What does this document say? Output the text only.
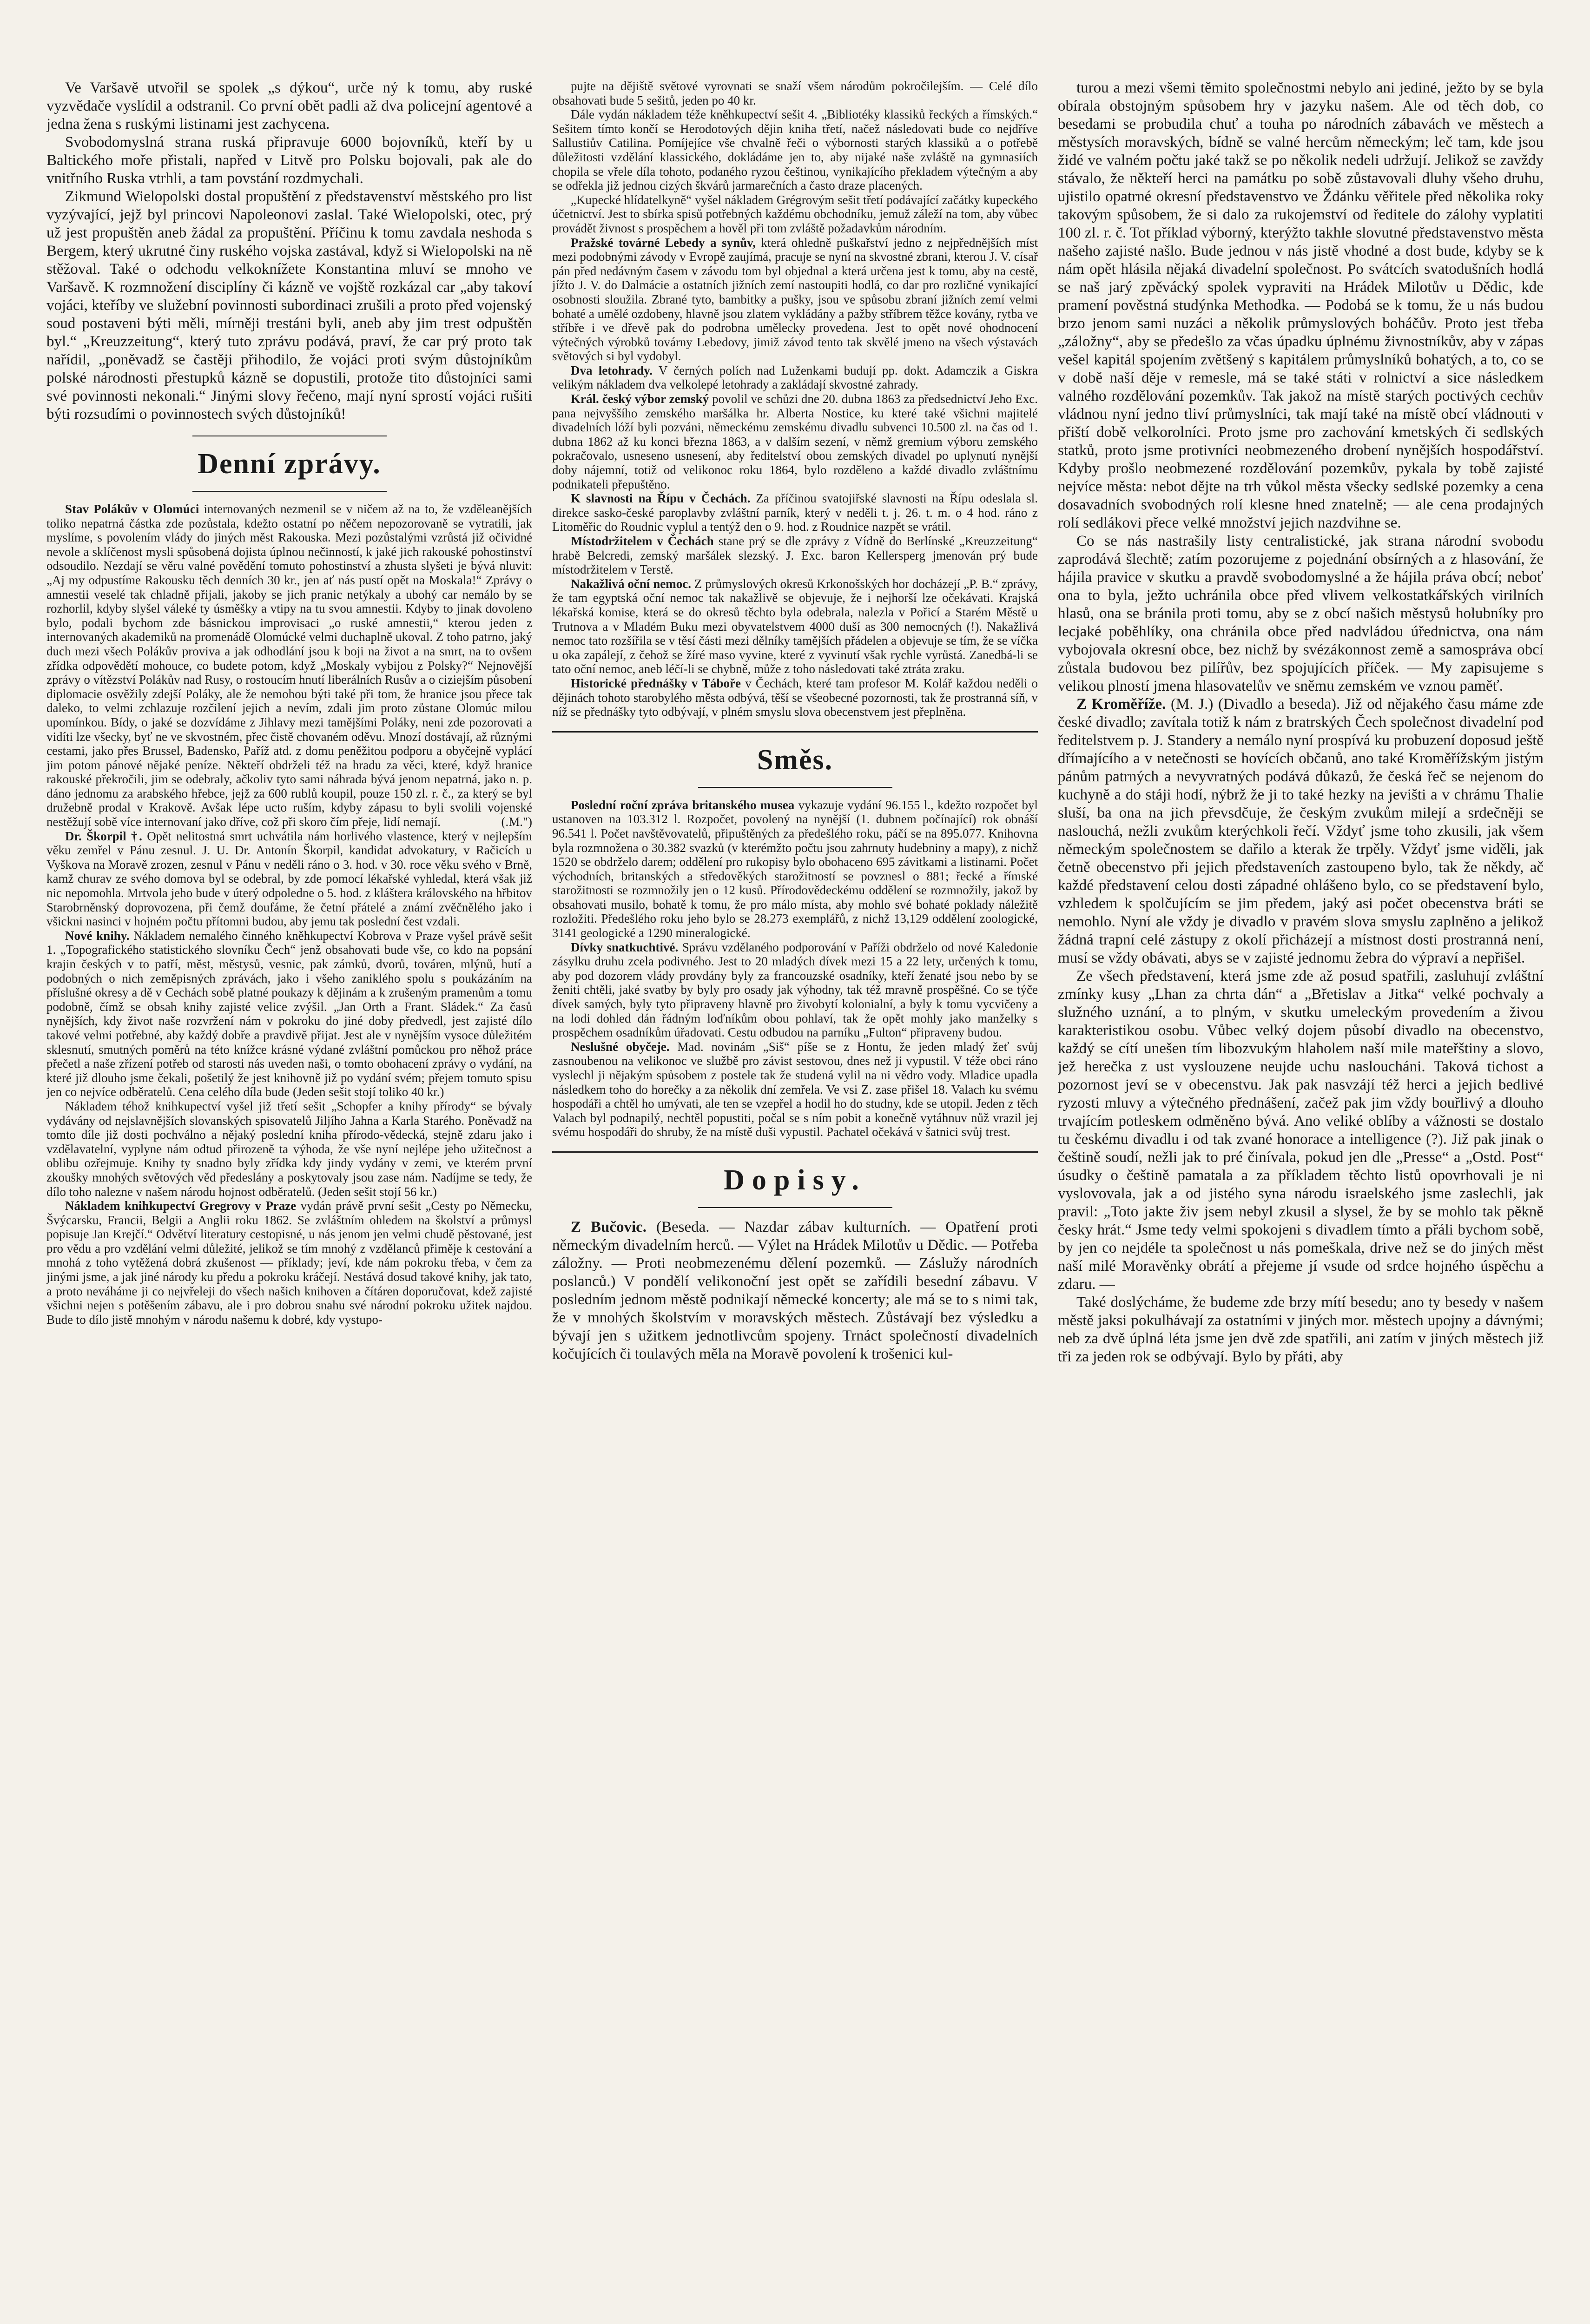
Ve Varšavě utvořil se spolek „s dýkou“, urče ný k tomu, aby ruské vyzvědače vyslídil a odstranil. Co první obět padli až dva policejní agentové a jedna žena s ruskými listinami jest zachycena.

Svobodomyslná strana ruská připravuje 6000 bojovníků, kteří by u Baltického moře přistali, napřed v Litvě pro Polsku bojovali, pak ale do vnitřního Ruska vtrhli, a tam povstání rozdmychali.

Zikmund Wielopolski dostal propuštění z představenství městského pro list vyzývající, jejž byl princovi Napoleonovi zaslal. Také Wielopolski, otec, prý už jest propuštěn aneb žádal za propuštění. Příčinu k tomu zavdala neshoda s Bergem, který ukrutné činy ruského vojska zastával, když si Wielopolski na ně stěžoval. Také o odchodu velkoknížete Konstantina mluví se mnoho ve Varšavě. K rozmnožení disciplíny či kázně ve vojště rozkázal car „aby takoví vojáci, kteříby ve služební povinnosti subordinaci zrušili a proto před vojenský soud postaveni býti měli, mírněji trestáni byli, aneb aby jim trest odpuštěn byl.“ „Kreuzzeitung“, který tuto zprávu podává, praví, že car prý proto tak nařídil, „poněvadž se častěji přihodilo, že vojáci proti svým důstojníkům polské národnosti přestupků kázně se dopustili, protože tito důstojníci sami své povinnosti nekonali.“ Jinými slovy řečeno, mají nyní sprostí vojáci rušiti býti rozsudími o povinnostech svých důstojníků!

Denní zprávy.

Stav Polákův v Olomúci internovaných nezmenil se v ničem až na to, že vzděleanějších toliko nepatrná částka zde pozůstala, kdežto ostatní po něčem nepozorovaně se vytratili, jak myslíme, s povolením vlády do jiných měst Rakouska. Mezi pozůstalými vzrůstá již očividné nevole a sklíčenost mysli spůsobená dojista úplnou nečinností, k jaké jich rakouské pohostinství odsoudilo. Nezdají se věru valné povědění tomuto pohostinství a zhusta slyšeti je bývá nluvit: „Aj my odpustíme Rakousku těch denních 30 kr., jen ať nás pustí opět na Moskala!“ Zprávy o amnestii veselé tak chladně přijali, jakoby se jich pranic netýkaly a ubohý car nemálo by se rozhorlil, kdyby slyšel váleké ty úsměšky a vtipy na tu svou amnestii. Kdyby to jinak dovoleno bylo, podali bychom zde básnickou improvisaci „o ruské amnestii,“ kterou jeden z internovaných akademiků na promenádě Olomúcké velmi duchaplně ukoval. Z toho patrno, jaký duch mezi všech Polákův proviva a jak odhodlání jsou k boji na život a na smrt, na to ovšem zřídka odpovědětí mohouce, co budete potom, když „Moskaly vybijou z Polsky?“ Nejnovější zprávy o vítězství Polákův nad Rusy, o rostoucím hnutí liberálních Rusův a o ciziejším působení diplomacie osvěžily zdejší Poláky, ale že nemohou býti také při tom, že hranice jsou přece tak daleko, to velmi zchlazuje rozčilení jejich a nevím, zdali jim proto zůstane Olomúc milou upomínkou. Bídy, o jaké se dozvídáme z Jihlavy mezi tamějšími Poláky, neni zde pozorovati a vidíti lze všecky, byť ne ve skvostném, přec čistě chovaném oděvu. Mnozí dostávají, až různými cestami, jako přes Brussel, Badensko, Paříž atd. z domu peněžitou podporu a obyčejně vyplácí jim potom pánové nějaké peníze. Někteří obdrželi též na hradu za věci, které, když hranice rakouské překročili, jim se odebraly, ačkoliv tyto sami náhrada bývá jenom nepatrná, jako n. p. dáno jednomu za arabského hřebce, jejž za 600 rublů koupil, pouze 150 zl. r. č., za který se byl družebně prodal v Krakově. Avšak lépe ucto ruším, kdyby zápasu to byli svolili vojenské nestěžují sobě více internovaní jako dříve, což při skoro čím přeje, lidí nemají.	(.M.")

Dr. Škorpil †. Opět nelitostná smrt uchvátila nám horlivého vlastence, který v nejlepším věku zemřel v Pánu zesnul. J. U. Dr. Antonín Škorpil, kandidat advokatury, v Račicích u Vyškova na Moravě zrozen, zesnul v Pánu v neděli ráno o 3. hod. v 30. roce věku svého v Brně, kamž churav ze svého domova byl se odebral, by zde pomocí lékařské vyhledal, která však již nic nepomohla. Mrtvola jeho bude v úterý odpoledne o 5. hod. z kláštera královského na hřbitov Starobrněnský doprovozena, při čemž doufáme, že četní přátelé a známí zvěčnělého jako i všickni nasinci v hojném počtu přítomni budou, aby jemu tak poslední čest vzdali.

Nové knihy. Nákladem nemalého činného kněhkupectví Kobrova v Praze vyšel právě sešit 1. „Topografického statistického slovníku Čech“ jenž obsahovati bude vše, co kdo na popsání krajin českých v to patří, měst, městysů, vesnic, pak zámků, dvorů, továren, mlýnů, hutí a podobných o nich zeměpisných zprávách, jako i všeho zaniklého spolu s poukázáním na příslušné okresy a dě v Cechách sobě platné poukazy k dějinám a k zrušeným pramenům a tomu podobně, čímž se obsah knihy zajisté velice zvýšil. „Jan Orth a Frant. Sládek.“ Za časů nynějších, kdy život naše rozvržení nám v pokroku do jiné doby předvedl, jest zajisté dílo takové velmi potřebné, aby každý dobře a pravdivě přijat. Jest ale v nynějším vysoce důležitém sklesnutí, smutných poměrů na této knížce krásné výdané zvláštní pomůckou pro něhož práce přečetl a naše zřízení potřeb od starosti nás uveden naši, o tomto obohacení zprávy o vydání, na které již dlouho jsme čekali, pošetilý že jest knihovně již po vydání svém; přejem tomuto spisu jen co nejvíce odběratelů. Cena celého díla bude (Jeden sešit stojí toliko 40 kr.)

Nákladem téhož knihkupectví vyšel již třetí sešit „Schopfer a knihy přírody“ se bývaly vydávány od nejslavnějších slovanských spisovatelů Jiljího Jahna a Karla Starého. Poněvadž na tomto díle již dosti pochválno a nějaký poslední kniha přírodo-vědecká, stejně zdaru jako i vzdělavatelní, vyplyne nám odtud přirozeně ta výhoda, že vše nyní nejlépe jeho užitečnost a oblibu ozřejmuje. Knihy ty snadno byly zřídka kdy jindy vydány v zemi, ve kterém první zkoušky mnohých světových věd předeslány a poskytovaly jsou zase nám. Nadíjme se tedy, že dílo toho nalezne v našem národu hojnost odběratelů. (Jeden sešit stojí 56 kr.)

Nákladem knihkupectví Gregrovy v Praze vydán právě první sešit „Cesty po Německu, Švýcarsku, Francii, Belgii a Anglii roku 1862. Se zvláštním ohledem na školství a průmysl popisuje Jan Krejčí.“ Odvětví literatury cestopisné, u nás jenom jen velmi chudě pěstované, jest pro vědu a pro vzdělání velmi důležité, jelikož se tím mnohý z vzdělanců přiměje k cestování a mnohá z toho vytěžená dobrá zkušenost — příklady; jeví, kde nám pokroku třeba, v čem za jinými jsme, a jak jiné národy ku předu a pokroku kráčejí. Nestává dosud takové knihy, jak tato, a proto neváháme ji co nejvřeleji do všech našich knihoven a čítáren doporučovat, kdež zajisté všichni nejen s potěšením zábavu, ale i pro dobrou snahu své národní pokroku užitek najdou. Bude to dílo jistě mnohým v národu našemu k dobré, kdy vystupo-

pujte na dějiště světové vyrovnati se snaží všem národům pokročilejším. — Celé dílo obsahovati bude 5 sešitů, jeden po 40 kr.

Dále vydán nákladem téže kněhkupectví sešit 4. „Bibliotéky klassiků řeckých a římských.“ Sešitem tímto končí se Herodotových dějin kniha třetí, načež následovati bude co nejdříve Sallustiův Catilina. Pomíjejíce vše chvalně řeči o výbornosti starých klassiků a o potřebě důležitosti vzdělání klassického, dokládáme jen to, aby nijaké naše zvláště na gymnasiích chopila se vřele díla tohoto, podaného ryzou češtinou, vynikajícího překladem výtečným a aby se odřekla již jednou cizých škvárů jarmarečních a často draze placených.

„Kupecké hlídatelkyně“ vyšel nákladem Grégrovým sešit třetí podávající začátky kupeckého účetnictví. Jest to sbírka spisů potřebných každému obchodníku, jemuž záleží na tom, aby vůbec provádět živnost s prospěchem a hověl při tom zvláště požadavkům národním.

Pražské továrné Lebedy a synův, která ohledně puškařství jedno z nejpřednějších míst mezi podobnými závody v Evropě zaujímá, pracuje se nyní na skvostné zbrani, kterou J. V. císař pán před nedávným časem v závodu tom byl objednal a která určena jest k tomu, aby na cestě, jížto J. V. do Dalmácie a ostatních jižních zemí nastoupiti hodlá, co dar pro rozličné vynikající osobnosti sloužila. Zbrané tyto, bambitky a pušky, jsou ve spůsobu zbraní jižních zemí velmi bohaté a umělé ozdobeny, hlavně jsou zlatem vykládány a pažby stříbrem těžce kovány, rytba ve stříbře i ve dřevě pak do podrobna umělecky provedena. Jest to opět nové ohodnocení výtečných výrobků továrny Lebedovy, jimiž závod tento tak skvělé jmeno na všech výstavách světových si byl vydobyl.

Dva letohrady. V černých polích nad Luženkami budují pp. dokt. Adamczik a Giskra velikým nákladem dva velkolepé letohrady a zakládají skvostné zahrady.

Král. český výbor zemský povolil ve schůzi dne 20. dubna 1863 za předsednictví Jeho Exc. pana nejvyššího zemského maršálka hr. Alberta Nostice, ku které také všichni majitelé divadelních lóží byli pozváni, německému zemskému divadlu subvenci 10.500 zl. na čas od 1. dubna 1862 až ku konci března 1863, a v dalším sezení, v němž gremium výboru zemského pokračovalo, usneseno usnesení, aby ředitelství obou zemských divadel po uplynutí nynější doby nájemní, totiž od velikonoc roku 1864, bylo rozděleno a každé divadlo zvláštnímu podnikateli přepuštěno.

K slavnosti na Řípu v Čechách. Za příčinou svatojiřské slavnosti na Řípu odeslala sl. direkce sasko-české paroplavby zvláštní parník, který v neděli t. j. 26. t. m. o 4 hod. ráno z Litoměřic do Roudnic vyplul a tentýž den o 9. hod. z Roudnice nazpět se vrátil.

Místodržitelem v Čechách stane prý se dle zprávy z Vídně do Berlínské „Kreuzzeitung“ hrabě Belcredi, zemský maršálek slezský. J. Exc. baron Kellersperg jmenován prý bude místodržitelem v Terstě.

Nakažlivá oční nemoc. Z průmyslových okresů Krkonošských hor docházejí „P. B.“ zprávy, že tam egyptská oční nemoc tak nakažlivě se objevuje, že i nejhorší lze očekávati. Krajská lékařská komise, která se do okresů těchto byla odebrala, nalezla v Pořicí a Starém Městě u Trutnova a v Mladém Buku mezi obyvatelstvem 4000 duší as 300 nemocných (!). Nakažlivá nemoc tato rozšířila se v těsí části mezi dělníky tamějších přádelen a objevuje se tím, že se víčka u oka zapálejí, z čehož se žíré maso vyvine, které z vyvinutí však rychle vyrůstá. Zanedbá-li se tato oční nemoc, aneb léčí-li se chybně, může z toho následovati také ztráta zraku.

Historické přednášky v Táboře v Čechách, které tam profesor M. Kolář každou neděli o dějinách tohoto starobylého města odbývá, těší se všeobecné pozornosti, tak že prostranná síň, v níž se přednášky tyto odbývají, v plném smyslu slova obecenstvem jest přeplněna.

Směs.

Poslední roční zpráva britanského musea vykazuje vydání 96.155 l., kdežto rozpočet byl ustanoven na 103.312 l. Rozpočet, povolený na nynější (1. dubnem počínající) rok obnáší 96.541 l. Počet navštěvovatelů, připuštěných za předešlého roku, páčí se na 895.077. Knihovna byla rozmnožena o 30.382 svazků (v kterémžto počtu jsou zahrnuty hudebniny a mapy), z nichž 1520 se obdrželo darem; oddělení pro rukopisy bylo obohaceno 695 závitkami a listinami. Počet východních, britanských a středověkých starožitností se povznesl o 881; řecké a římské starožitnosti se rozmnožily jen o 12 kusů. Přírodovědeckému oddělení se rozmnožily, jakož by obsahovati musilo, bohatě k tomu, že pro málo místa, aby mohlo své bohaté poklady náležitě rozložiti. Předešlého roku jeho bylo se 28.273 exemplářů, z nichž 13,129 oddělení zoologické, 3141 geologické a 1290 mineralogické.

Dívky snatkuchtivé. Správu vzdělaného podporování v Paříži obdrželo od nové Kaledonie zásylku druhu zcela podivného. Jest to 20 mladých dívek mezi 15 a 22 lety, určených k tomu, aby pod dozorem vlády provdány byly za francouzské osadníky, kteří ženaté jsou nebo by se ženiti chtěli, jaké svatby by byly pro osady jak výhodny, tak též mravně prospěšné. Co se týče dívek samých, byly tyto připraveny hlavně pro živobytí kolonialní, a byly k tomu vycvičeny a na lodi dohled dán řádným loďníkům obou pohlaví, tak že opět mohly jako manželky s prospěchem osadníkům úřadovati. Cestu odbudou na parníku „Fulton“ připraveny budou.

Neslušné obyčeje. Mad. novinám „Siš“ píše se z Hontu, že jeden mladý žeť svůj zasnoubenou na velikonoc ve službě pro závist sestovou, dnes než ji vypustil. V téže obci ráno vyslechl ji nějakým spůsobem z postele tak že studená vylil na ni vědro vody. Mladice upadla následkem toho do horečky a za několik dní zemřela. Ve vsi Z. zase přišel 18. Valach ku svému hospodáři a chtěl ho umývati, ale ten se vzepřel a hodil ho do studny, kde se utopil. Jeden z těch Valach byl podnapilý, nechtěl popustiti, počal se s ním pobit a konečně vytáhnuv nůž vrazil jej svému hospodáři do shruby, že na místě duši vypustil. Pachatel očekává v šatnici svůj trest.

Dopisy.

Z Bučovic. (Beseda. — Nazdar zábav kulturních. — Opatření proti německým divadelním herců. — Výlet na Hrádek Milotův u Dědic. — Potřeba záložny. — Proti neobmezenému dělení pozemků. — Záslužy národních poslanců.) V pondělí velikonoční jest opět se zařídili besední zábavu. V posledním jednom městě podnikají německé koncerty; ale má se to s nimi tak, že v mnohých školstvím v moravských městech. Zůstávají bez výsledku a bývají jen s užitkem jednotlivcům spojeny. Trnáct společností divadelních kočujících či toulavých měla na Moravě povolení k trošenici kul-

turou a mezi všemi těmito společnostmi nebylo ani jediné, ježto by se byla obírala obstojným spůsobem hry v jazyku našem. Ale od těch dob, co besedami se probudila chuť a touha po národních zábavách ve městech a městysích moravských, bídně se valné hercům německým; leč tam, kde jsou židé ve valném počtu jaké takž se po několik nedeli udržují. Jelikož se zavždy stávalo, že někteří herci na památku po sobě zůstavovali dluhy všeho druhu, ujistilo opatrné okresní představenstvo ve Ždánku věřitele před několika roky takovým spůsobem, že si dalo za rukojemství od ředitele do zálohy vyplatiti 100 zl. r. č. Tot příklad výborný, kterýžto takhle slovutné představenstvo města našeho zajisté našlo. Bude jednou v nás jistě vhodné a dost bude, kdyby se k nám opět hlásila nějaká divadelní společnost. Po svátcích svatodušních hodlá se naš jarý zpěvácký spolek vypraviti na Hrádek Milotův u Dědic, kde pramení pověstná studýnka Methodka. — Podobá se k tomu, že u nás budou brzo jenom sami nuzáci a několik průmyslových boháčův. Proto jest třeba „záložny“, aby se předešlo za včas úpadku úplnému živnostníkův, aby v zápas vešel kapitál spojením zvětšený s kapitálem průmyslníků bohatých, a to, co se v době naší děje v remesle, má se také státi v rolnictví a sice následkem valného rozdělování pozemkův. Tak jakož na místě starých poctivých cechův vládnou nyní jedno tliví průmyslníci, tak mají také na místě obcí vládnouti v přiští době velkorolníci. Proto jsme pro zachování kmetských či sedlských statků, proto jsme protivníci neobmezeného drobení nynějších hospodářství. Kdyby prošlo neobmezené rozdělování pozemkův, pykala by tobě zajisté nejvíce města: nebot dějte na trh vůkol města všecky sedlské pozemky a cena dosavadních svobodných rolí klesne hned znatelně; — ale cena prodajných rolí sedlákovi přece velké množství jejich nazdvihne se.

Co se nás nastrašily listy centralistické, jak strana národní svobodu zaprodává šlechtě; zatím pozorujeme z pojednání obsírných a z hlasování, že hájila pravice v skutku a pravdě svobodomyslné a že hájila práva obcí; neboť ona to byla, ježto uchránila obce před vlivem velkostatkářských virilních hlasů, ona se bránila proti tomu, aby se z obcí našich městysů holubníky pro lecjaké poběhlíky, ona chránila obce před nadvládou úřednictva, ona nám vybojovala okresní obce, bez nichž by svézákonnost země a samospráva obcí zůstala budovou bez pilířův, bez spojujících příček. — My zapisujeme s velikou plností jmena hlasovatelův ve sněmu zemském ve vznou paměť.

Z Kroměříže. (M. J.) (Divadlo a beseda). Již od nějakého času máme zde české divadlo; zavítala totiž k nám z bratrských Čech společnost divadelní pod ředitelstvem p. J. Standery a nemálo nyní prospívá ku probuzení doposud ještě dřímajícího a v netečnosti se hovících občanů, ano také Kroměřížským jistým pánům patrných a nevyvratných podává důkazů, že česká řeč se nejenom do kuchyně a do stáji hodí, nýbrž že ji to také hezky na jevišti a v chrámu Thalie sluší, ba ona na jich převsdčuje, že českým zvukům milejí a srdečněji se naslouchá, nežli zvukům kterýchkoli řečí. Vždyť jsme toho zkusili, jak všem německým společnostem se dařilo a kterak že trpěly. Vždyť jsme viděli, jak četně obecenstvo při jejich představeních zastoupeno bylo, tak že někdy, ač každé představení celou dosti západné ohlášeno bylo, co se představení bylo, vzhledem k spolčujícím se jim předem, jaký asi počet obecenstva bráti se nemohlo. Nyní ale vždy je divadlo v pravém slova smyslu zaplněno a jelikož žádná trapní celé zástupy z okolí přicházejí a místnost dosti prostranná není, musí se vždy obávati, abys se v zajisté jednomu žebra do výpraví a nepřišel.

Ze všech představení, která jsme zde až posud spatřili, zasluhují zvláštní zmínky kusy „Lhan za chrta dán“ a „Břetislav a Jitka“ velké pochvaly a služného uznání, a to plným, v skutku umeleckým provedením a živou karakteristikou osobu. Vůbec velký dojem působí divadlo na obecenstvo, každý se cítí unešen tím libozvukým hlaholem naší mile mateřštiny a slovo, jež herečka z ust vyslouzene neujde uchu nasloucháni. Taková tichost a pozornost jeví se v obecenstvu. Jak pak nasvzájí též herci a jejich bedlivé ryzosti mluvy a výtečného přednášení, začež pak jim vždy bouřlivý a dlouho trvajícím potleskem odměněno bývá. Ano veliké oblíby a vážnosti se dostalo tu českému divadlu i od tak zvané honorace a intelligence (?). Již pak jinak o češtině soudí, nežli jak to pré činívala, pokud jen dle „Presse“ a „Ostd. Post“ úsudky o češtině pamatala a za příkladem těchto listů opovrhovali je ni vyslovovala, jak a od jistého syna národu israelského jsme zaslechli, jak pravil: „Toto jakte živ jsem nebyl zkusil a slysel, že by se mohlo tak pěkně česky hrát.“ Jsme tedy velmi spokojeni s divadlem tímto a přáli bychom sobě, by jen co nejdéle ta společnost u nás pomeškala, drive než se do jiných měst naší milé Moravěnky obrátí a přejeme jí vsude od srdce hojného úspěchu a zdaru. —

Také doslýcháme, že budeme zde brzy mítí besedu; ano ty besedy v našem městě jaksi pokulhávají za ostatními v jiných mor. městech upojny a dávnými; neb za dvě úplná léta jsme jen dvě zde spatřili, ani zatím v jiných městech již tři za jeden rok se odbývají. Bylo by přáti, aby
